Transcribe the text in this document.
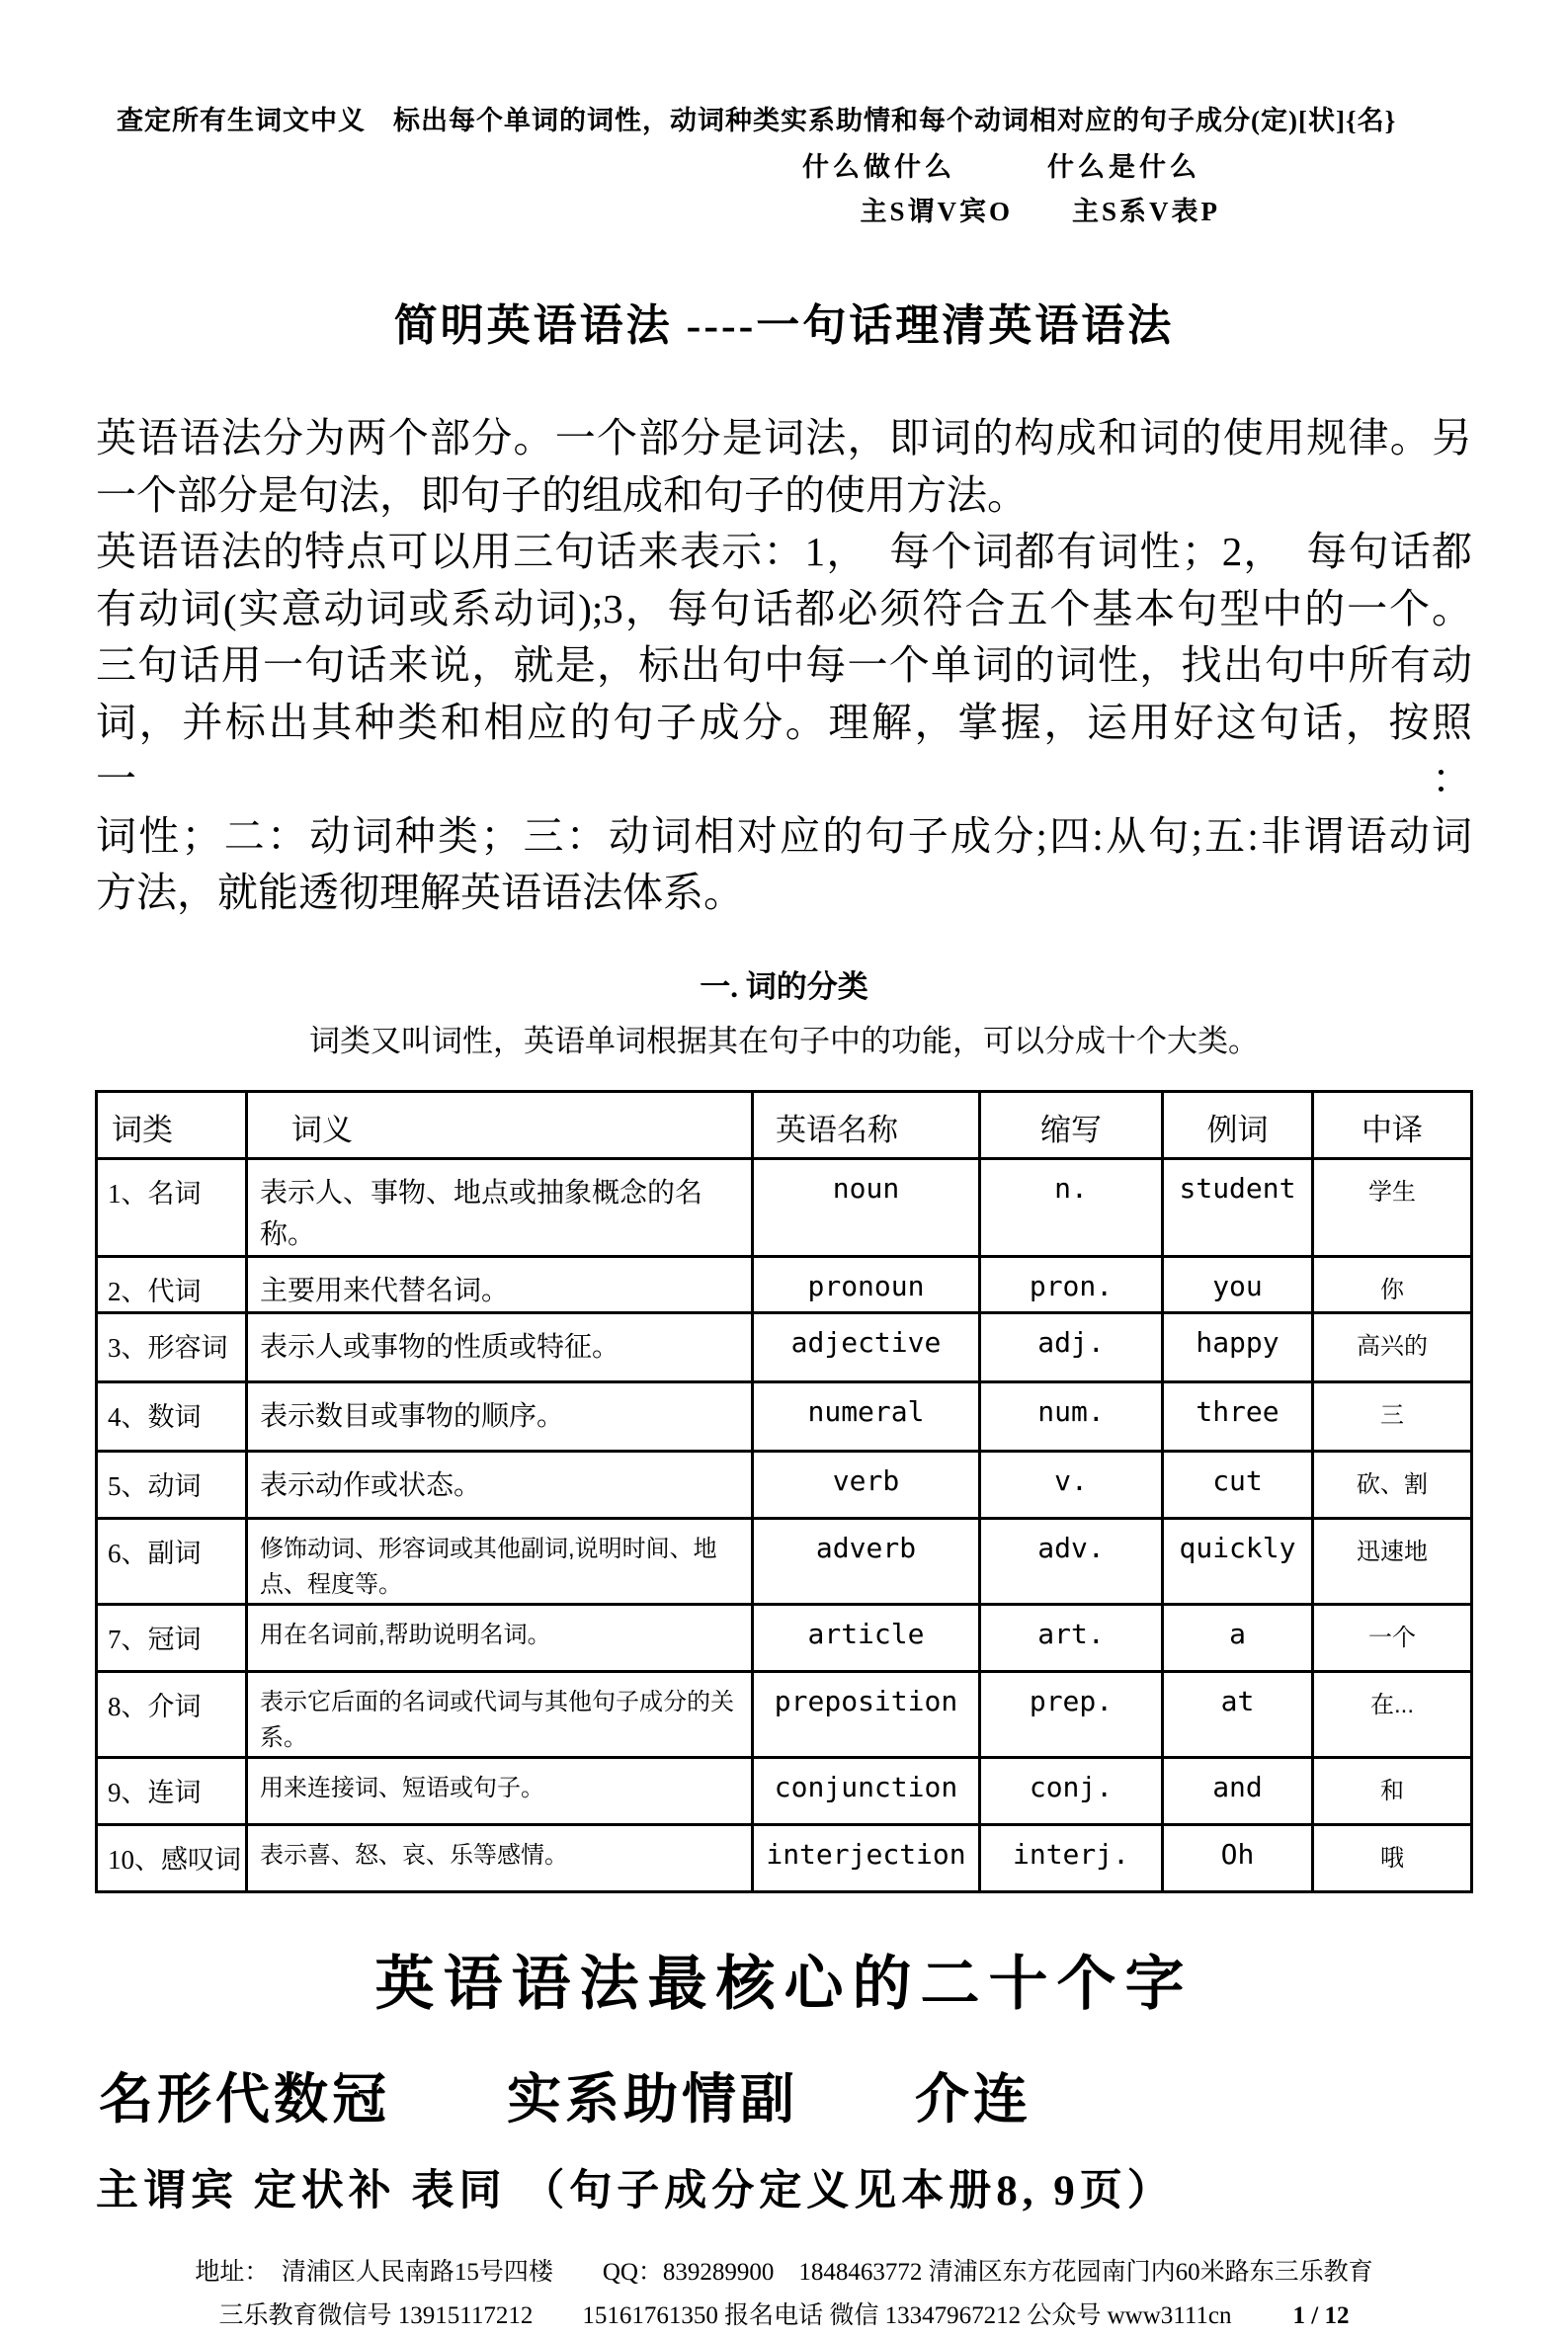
查定所有生词文中义　标出每个单词的词性，动词种类实系助情和每个动词相对应的句子成分(定)[状]{名}
什么做什么　　　什么是什么
主S谓V宾O　　主S系V表P
简明英语语法 ----一句话理清英语语法
英语语法分为两个部分。一个部分是词法，即词的构成和词的使用规律。另
一个部分是句法，即句子的组成和句子的使用方法。
英语语法的特点可以用三句话来表示：1，　每个词都有词性；2，　每句话都
有动词(实意动词或系动词);3，每句话都必须符合五个基本句型中的一个。
三句话用一句话来说，就是，标出句中每一个单词的词性，找出句中所有动
词，并标出其种类和相应的句子成分。理解，掌握，运用好这句话，按照一：
词性；二：动词种类；三：动词相对应的句子成分;四:从句;五:非谓语动词
方法，就能透彻理解英语语法体系。
一. 词的分类
词类又叫词性，英语单词根据其在句子中的功能，可以分成十个大类。
词类	词义	英语名称	缩写	例词	中译
1、名词	表示人、事物、地点或抽象概念的名称。	noun	n.	student	学生
2、代词	主要用来代替名词。	pronoun	pron.	you	你
3、形容词	表示人或事物的性质或特征。	adjective	adj.	happy	高兴的
4、数词	表示数目或事物的顺序。	numeral	num.	three	三
5、动词	表示动作或状态。	verb	v.	cut	砍、割
6、副词	修饰动词、形容词或其他副词,说明时间、地点、程度等。	adverb	adv.	quickly	迅速地
7、冠词	用在名词前,帮助说明名词。	article	art.	a	一个
8、介词	表示它后面的名词或代词与其他句子成分的关系。	preposition	prep.	at	在...
9、连词	用来连接词、短语或句子。	conjunction	conj.	and	和
10、感叹词	表示喜、怒、哀、乐等感情。	interjection	interj.	Oh	哦
英语语法最核心的二十个字
名形代数冠　　实系助情副　　介连
主谓宾 定状补 表同 （句子成分定义见本册8, 9页）
地址：　清浦区人民南路15号四楼　　QQ：839289900　1848463772 清浦区东方花园南门内60米路东三乐教育
三乐教育微信号 13915117212　　15161761350 报名电话 微信 13347967212 公众号 www3111cn 1 / 12
